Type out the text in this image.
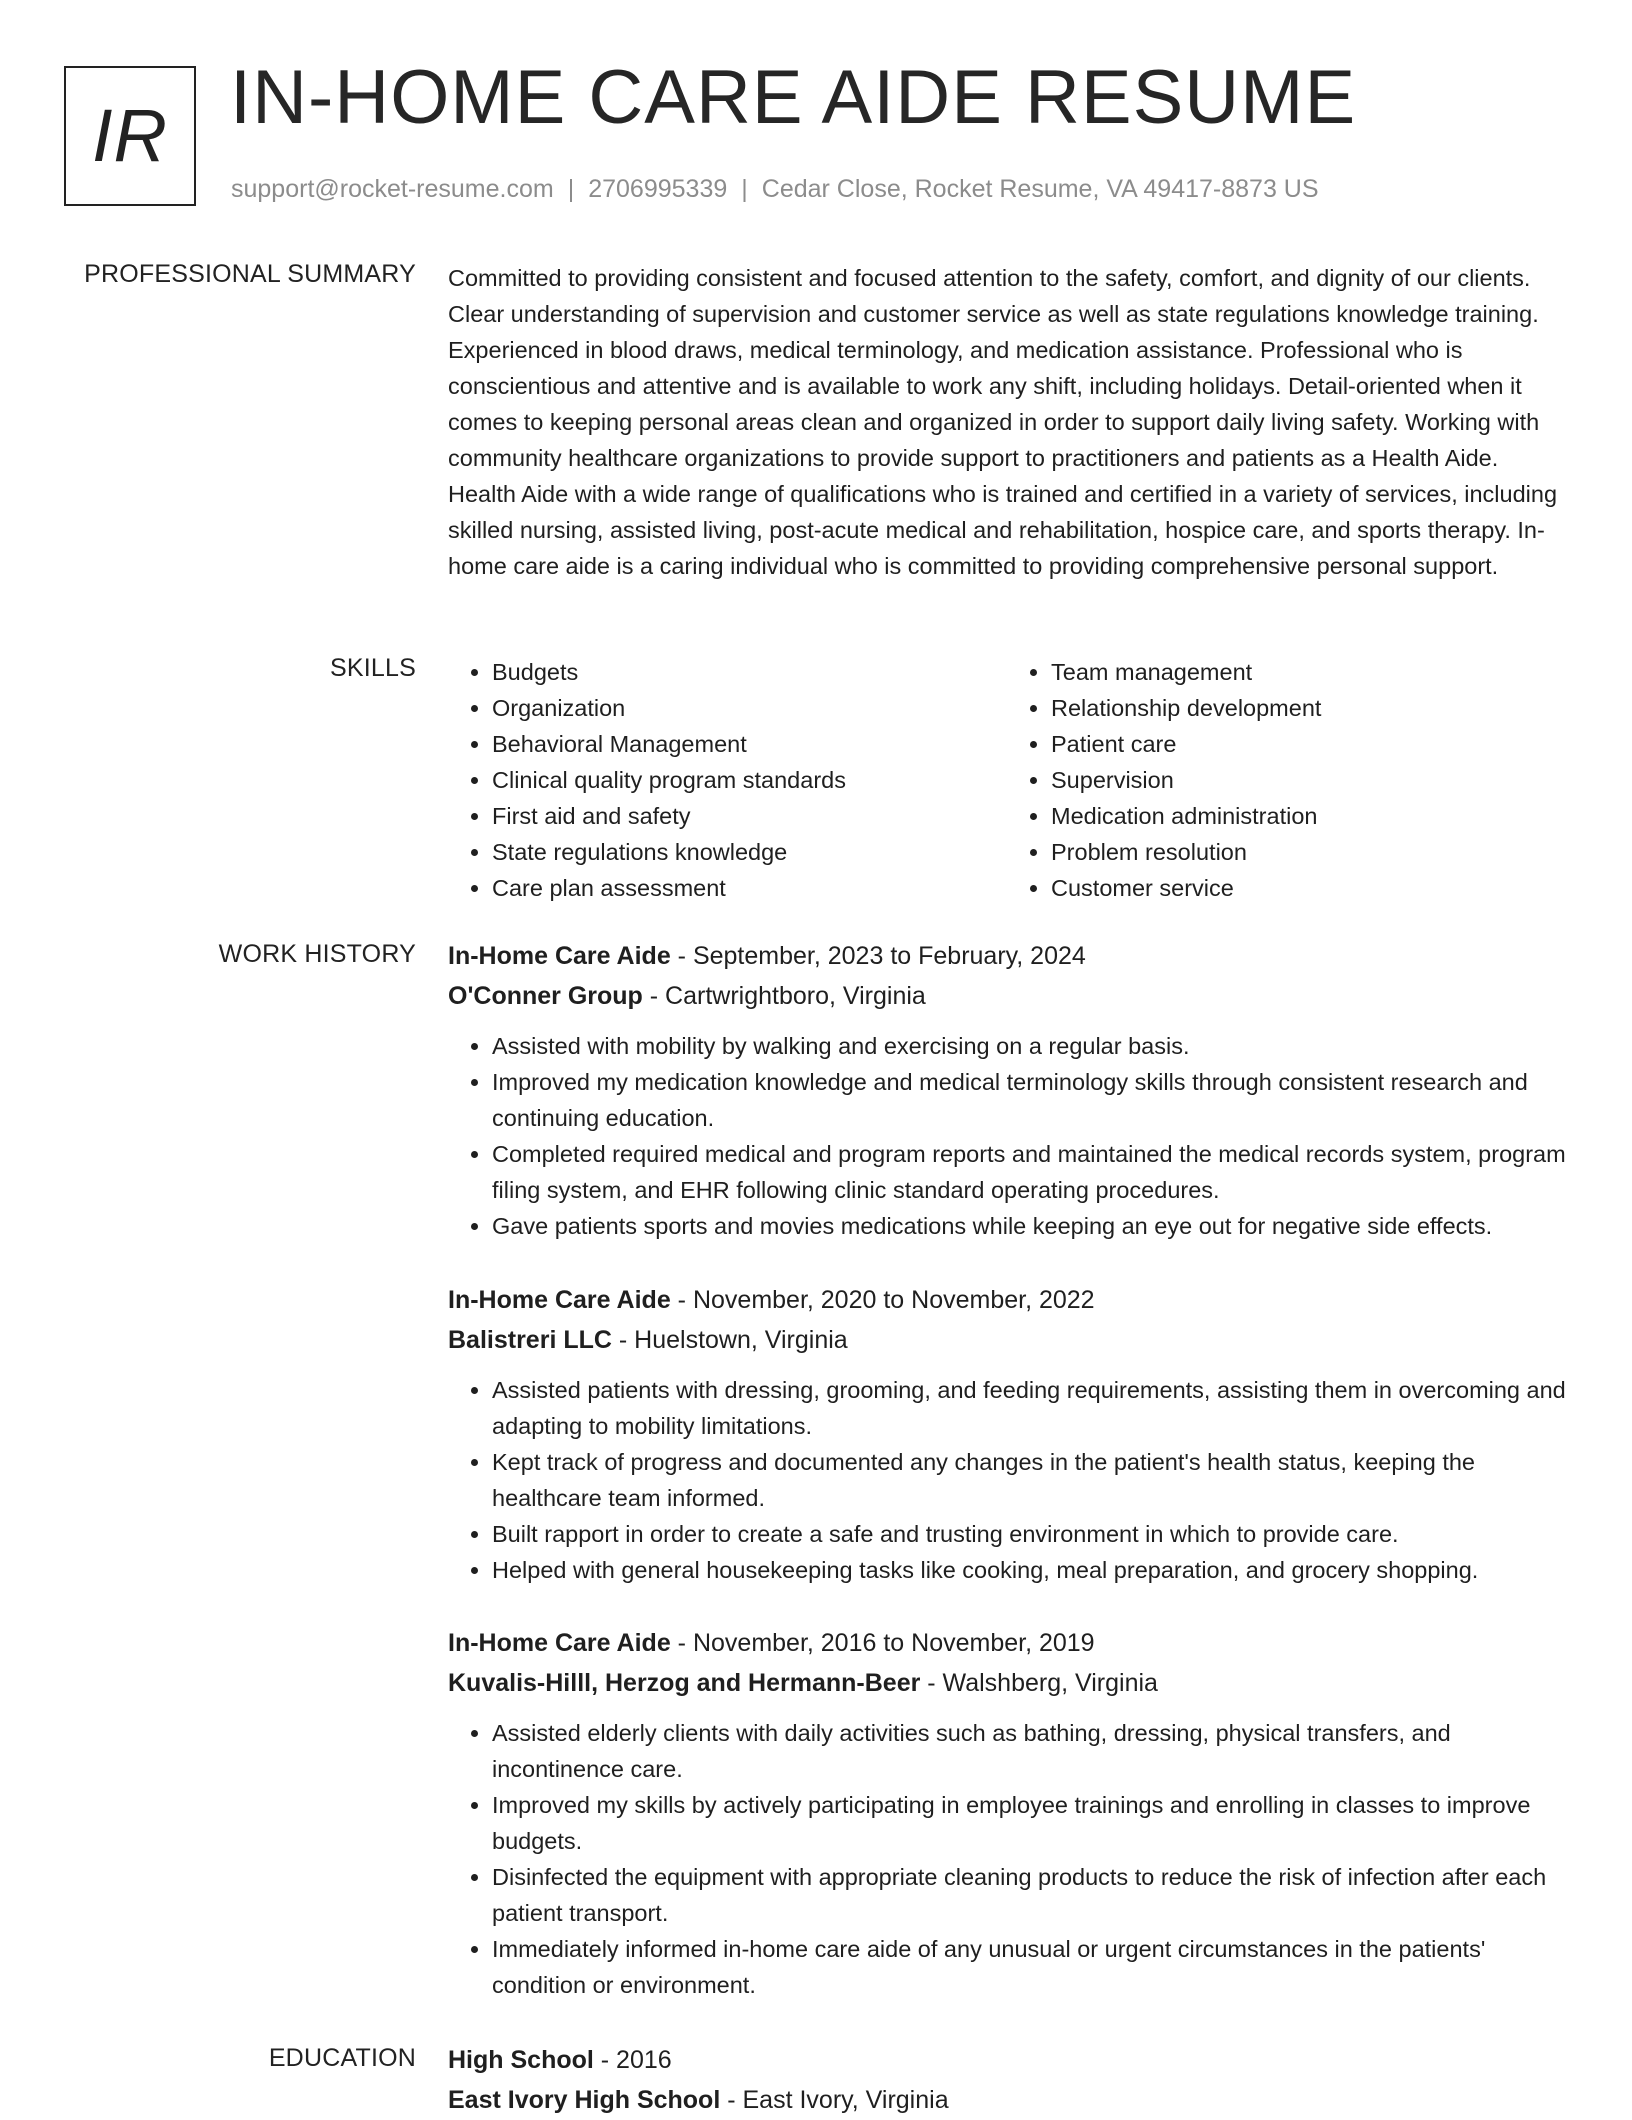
IR IN-HOME CARE AIDE RESUME
support@rocket-resume.com | 2706995339 | Cedar Close, Rocket Resume, VA 49417-8873 US
PROFESSIONAL SUMMARY Committed to providing consistent and focused attention to the safety, comfort, and dignity of our clients. Clear understanding of supervision and customer service as well as state regulations knowledge training. Experienced in blood draws, medical terminology, and medication assistance. Professional who is conscientious and attentive and is available to work any shift, including holidays. Detail-oriented when it comes to keeping personal areas clean and organized in order to support daily living safety. Working with community healthcare organizations to provide support to practitioners and patients as a Health Aide. Health Aide with a wide range of qualifications who is trained and certified in a variety of services, including skilled nursing, assisted living, post-acute medical and rehabilitation, hospice care, and sports therapy. In-home care aide is a caring individual who is committed to providing comprehensive personal support.

SKILLS
•	Budgets
• Organization
• Behavioral Management
• Clinical quality program standards
• First aid and safety
• State regulations knowledge
• Care plan assessment
• Team management
• Relationship development
• Patient care
• Supervision
• Medication administration
• Problem resolution
• Customer service
WORK HISTORY In-Home Care Aide - September, 2023 to February, 2024
O'Conner Group - Cartwrightboro, Virginia
• Assisted with mobility by walking and exercising on a regular basis.
• Improved my medication knowledge and medical terminology skills through consistent research and continuing education.
• Completed required medical and program reports and maintained the medical records system, program filing system, and EHR following clinic standard operating procedures.
• Gave patients sports and movies medications while keeping an eye out for negative side effects.
In-Home Care Aide - November, 2020 to November, 2022
Balistreri LLC - Huelstown, Virginia
• Assisted patients with dressing, grooming, and feeding requirements, assisting them in overcoming and adapting to mobility limitations.
• Kept track of progress and documented any changes in the patient's health status, keeping the healthcare team informed.
• Built rapport in order to create a safe and trusting environment in which to provide care.
• Helped with general housekeeping tasks like cooking, meal preparation, and grocery shopping.
In-Home Care Aide - November, 2016 to November, 2019
Kuvalis-Hilll, Herzog and Hermann-Beer - Walshberg, Virginia
• Assisted elderly clients with daily activities such as bathing, dressing, physical transfers, and incontinence care.
• Improved my skills by actively participating in employee trainings and enrolling in classes to improve budgets.
• Disinfected the equipment with appropriate cleaning products to reduce the risk of infection after each patient transport.
• Immediately informed in-home care aide of any unusual or urgent circumstances in the patients' condition or environment.
EDUCATION High School - 2016
East Ivory High School - East Ivory, Virginia
